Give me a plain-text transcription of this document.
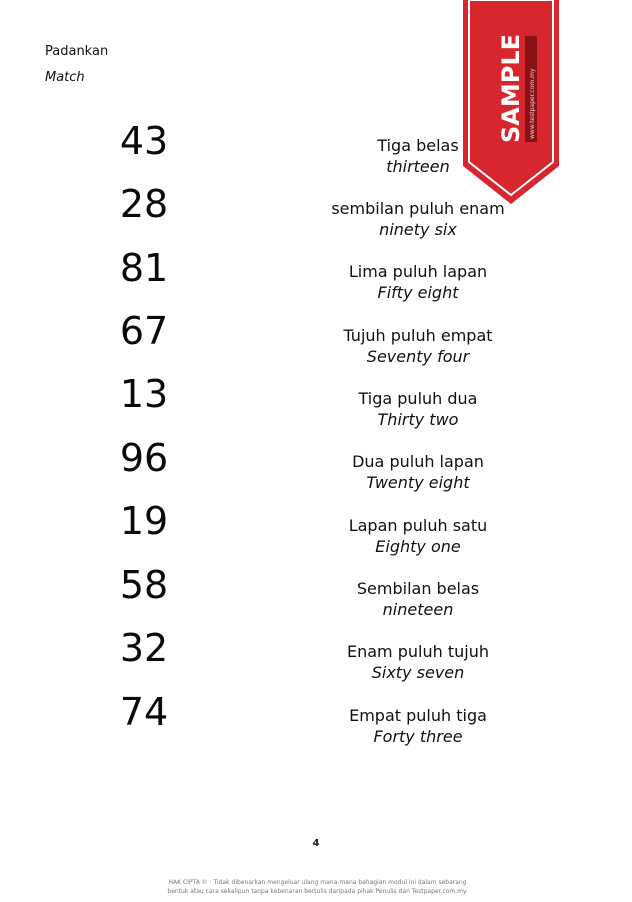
Padankan
Match
43
28
81
67
13
96
19
58
32
74
Tiga belas
thirteen
sembilan puluh enam
ninety six
Lima puluh lapan
Fifty eight
Tujuh puluh empat
Seventy four
Tiga puluh dua
Thirty two
Dua puluh lapan
Twenty eight
Lapan puluh satu
Eighty one
Sembilan belas
nineteen
Enam puluh tujuh
Sixty seven
Empat puluh tiga
Forty three
SAMPLE www.testpaper.com.my
4
HAK CIPTA © : Tidak dibenarkan mengeluar ulang mana-mana bahagian modul ini dalam sebarang
bentuk atau cara sekalipun tanpa kebenaran bertulis daripada pihak Penulis dan Testpaper.com.my.
